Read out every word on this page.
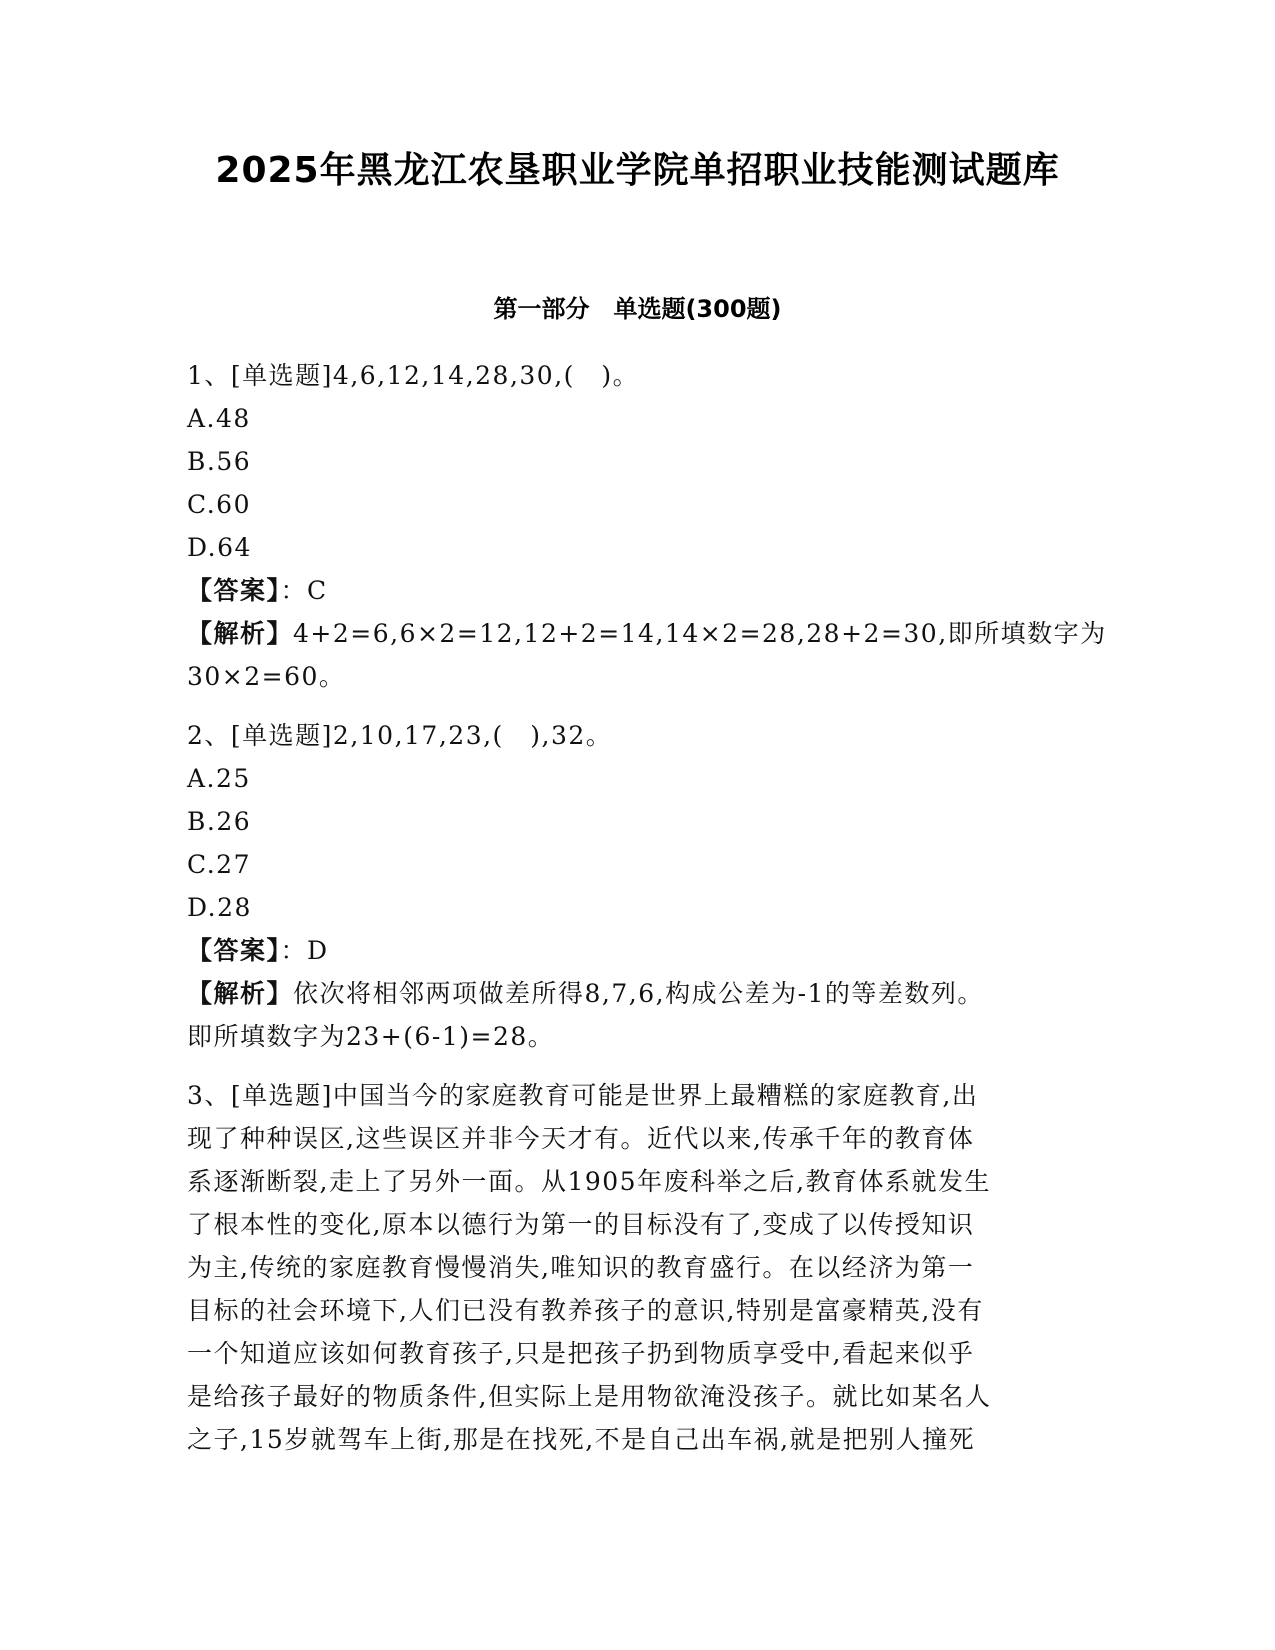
2025年黑龙江农垦职业学院单招职业技能测试题库
第一部分　单选题(300题)
1、[单选题]4,6,12,14,28,30,(　)。
A.48
B.56
C.60
D.64
【答案】：C
【解析】4+2=6,6×2=12,12+2=14,14×2=28,28+2=30,即所填数字为
30×2=60。
2、[单选题]2,10,17,23,(　),32。
A.25
B.26
C.27
D.28
【答案】：D
【解析】依次将相邻两项做差所得8,7,6,构成公差为-1的等差数列。
即所填数字为23+(6-1)=28。
3、[单选题]中国当今的家庭教育可能是世界上最糟糕的家庭教育,出
现了种种误区,这些误区并非今天才有。近代以来,传承千年的教育体
系逐渐断裂,走上了另外一面。从1905年废科举之后,教育体系就发生
了根本性的变化,原本以德行为第一的目标没有了,变成了以传授知识
为主,传统的家庭教育慢慢消失,唯知识的教育盛行。在以经济为第一
目标的社会环境下,人们已没有教养孩子的意识,特别是富豪精英,没有
一个知道应该如何教育孩子,只是把孩子扔到物质享受中,看起来似乎
是给孩子最好的物质条件,但实际上是用物欲淹没孩子。就比如某名人
之子,15岁就驾车上街,那是在找死,不是自己出车祸,就是把别人撞死
